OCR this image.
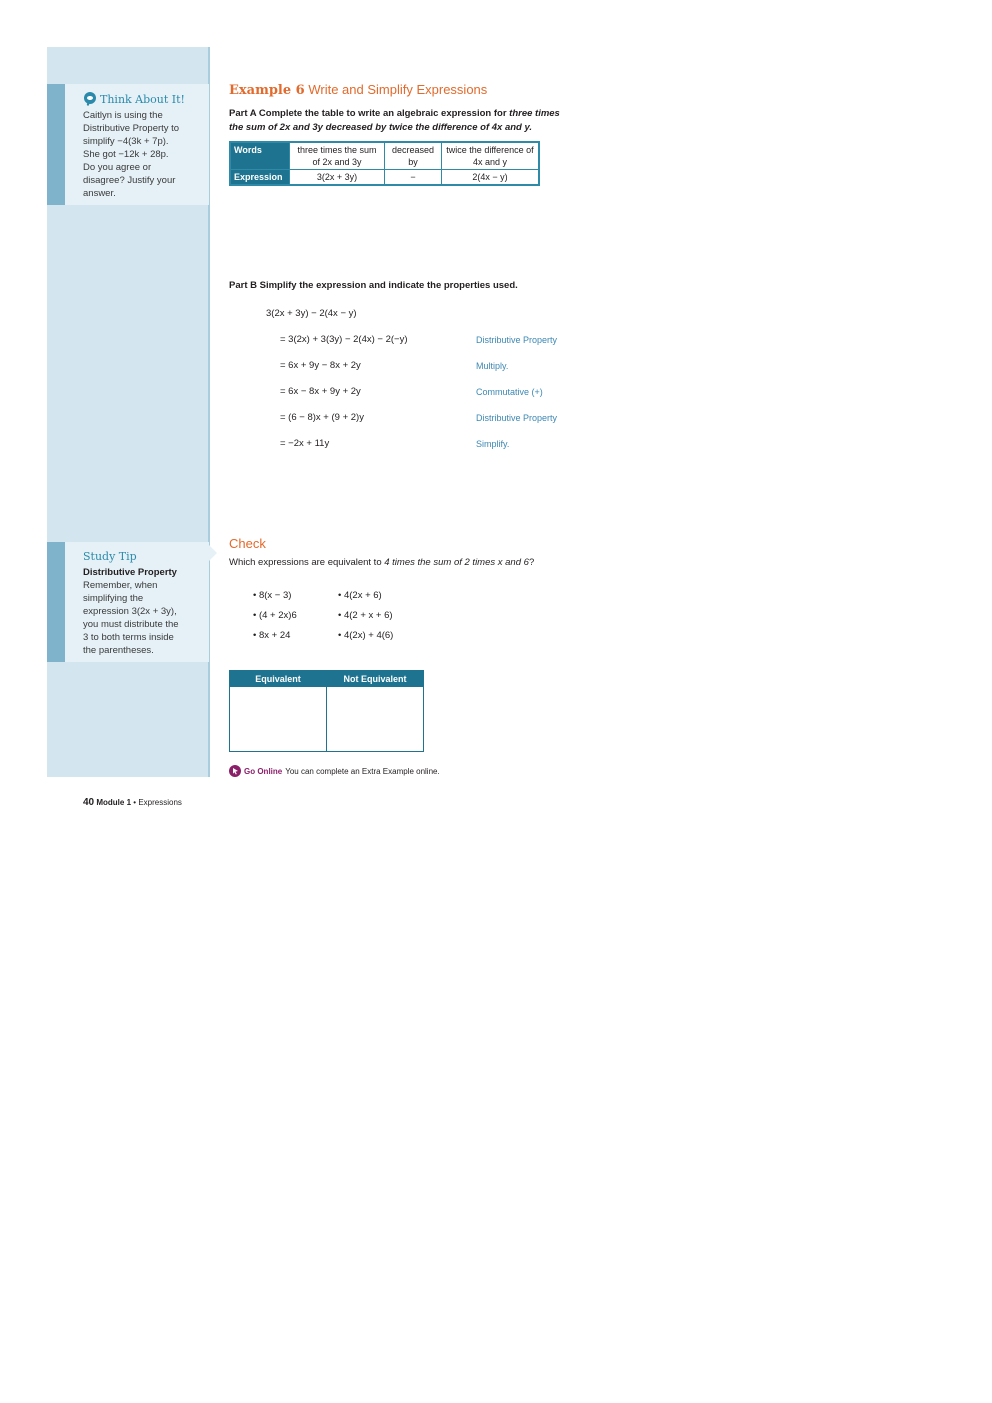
Think About It!
Caitlyn is using the
Distributive Property to
simplify −4(3k + 7p).
She got −12k + 28p.
Do you agree or
disagree? Justify your
answer.
Study Tip
Distributive Property
Remember, when
simplifying the
expression 3(2x + 3y),
you must distribute the
3 to both terms inside
the parentheses.

Example 6 Write and Simplify Expressions

Part A Complete the table to write an algebraic expression for three times the sum of 2x and 3y decreased by twice the difference of 4x and y.
Words	three times the sum of 2x and 3y	decreased by	twice the difference of 4x and y
Expression	3(2x + 3y)	−	2(4x − y)
Part B Simplify the expression and indicate the properties used.
3(2x + 3y) − 2(4x − y)
= 3(2x) + 3(3y) − 2(4x) − 2(−y)	Distributive Property
= 6x + 9y − 8x + 2y	Multiply.
= 6x − 8x + 9y + 2y	Commutative (+)
= (6 − 8)x + (9 + 2)y	Distributive Property
= −2x + 11y	Simplify.
Check
Which expressions are equivalent to 4 times the sum of 2 times x and 6?
• 8(x − 3)
• (4 + 2x)6
• 8x + 24
• 4(2x + 6)
• 4(2 + x + 6)
• 4(2x) + 4(6)
Equivalent	Not Equivalent
Go Online You can complete an Extra Example online.
40 Module 1 • Expressions
